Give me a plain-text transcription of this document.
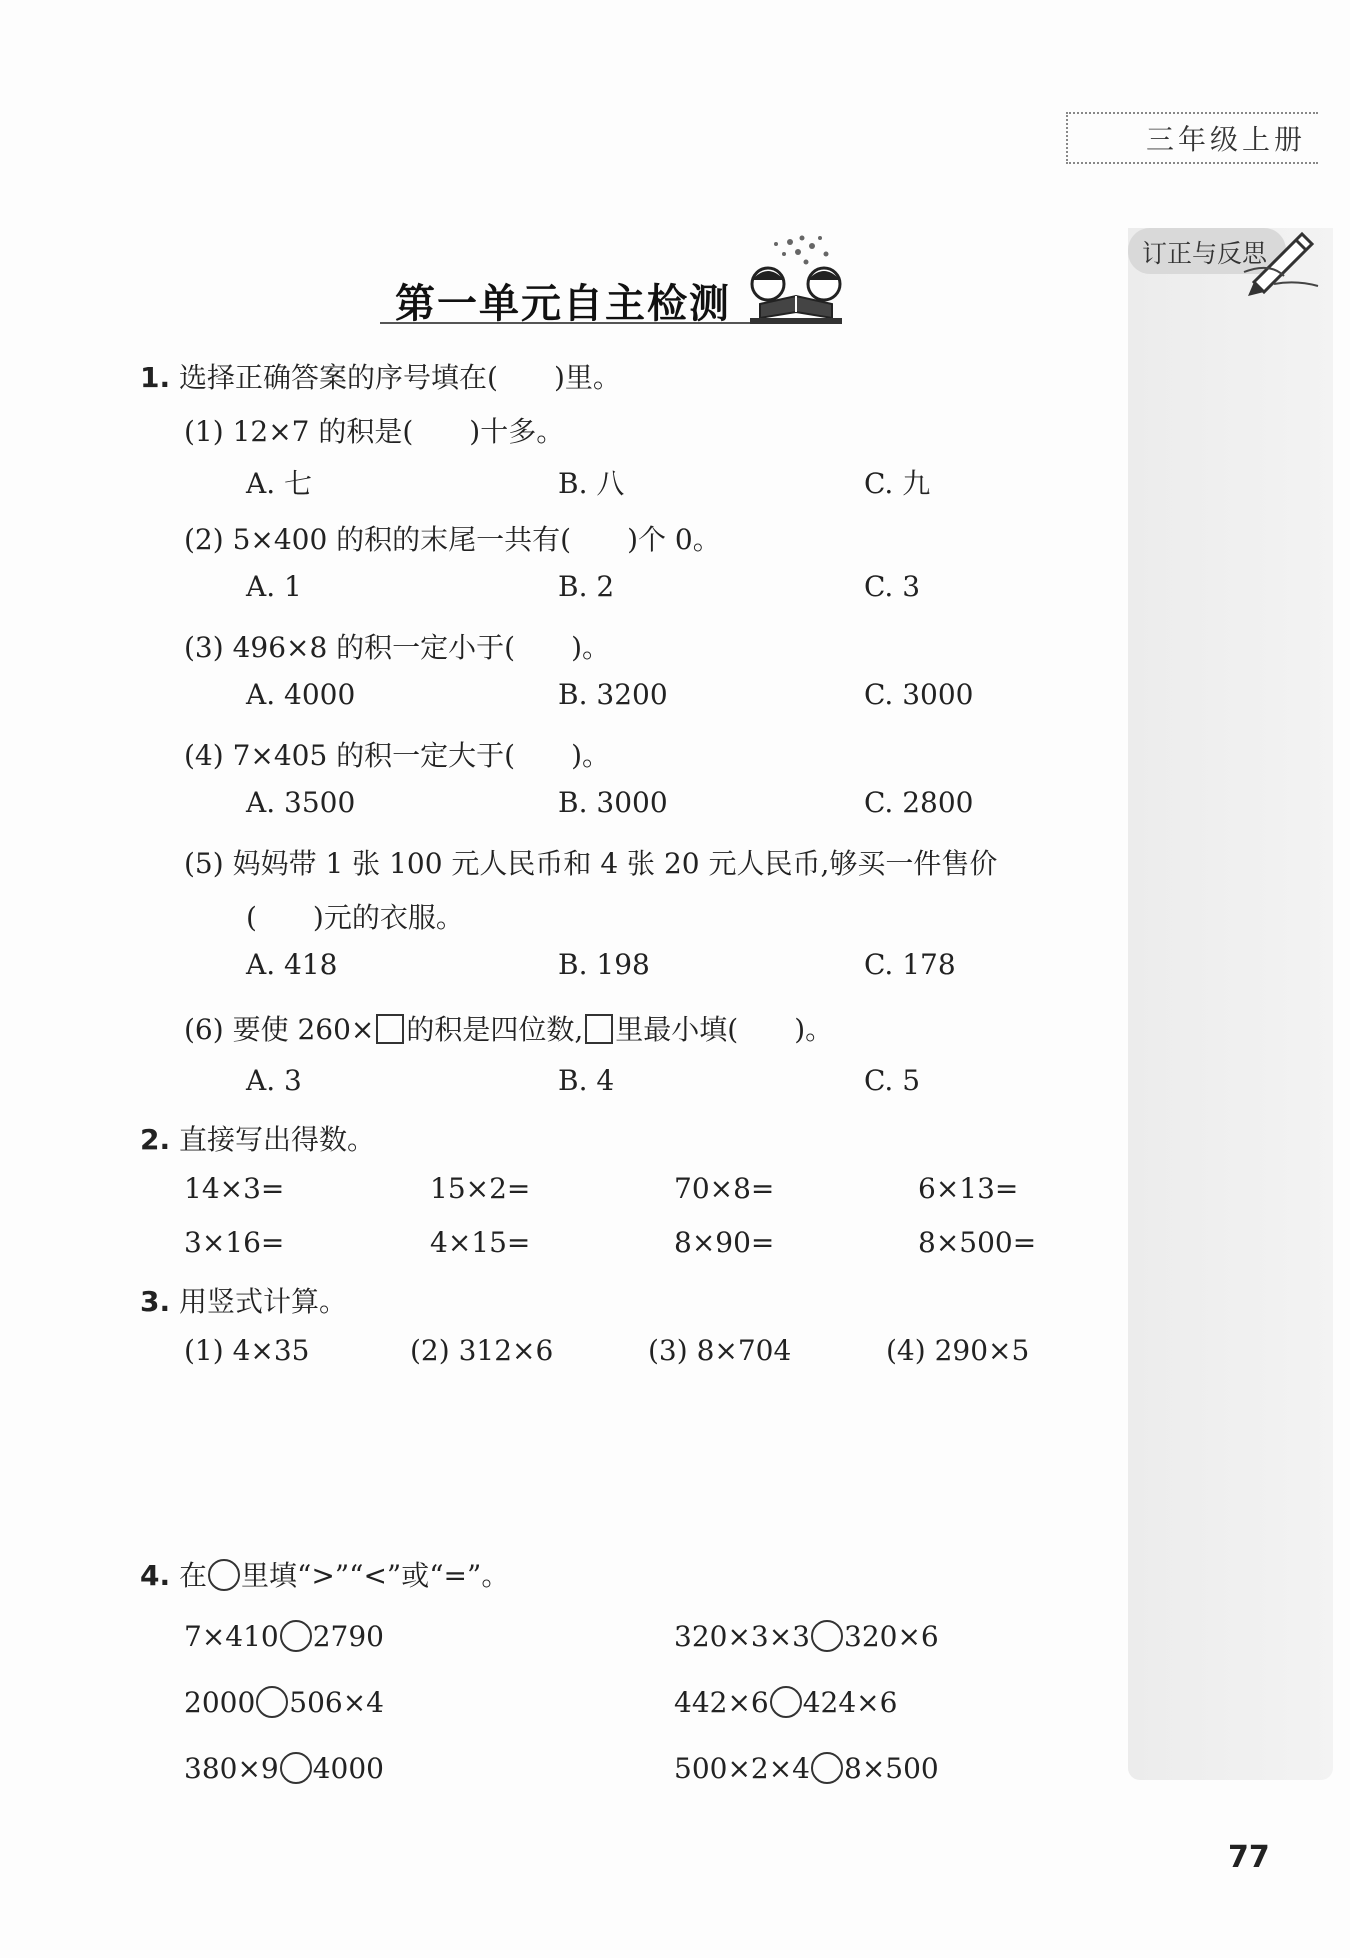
三年级上册
订正与反思
第一单元自主检测
1. 选择正确答案的序号填在(　　)里。
(1) 12×7 的积是(　　)十多。
A. 七	B. 八	C. 九
(2) 5×400 的积的末尾一共有(　　)个 0。
A. 1	B. 2	C. 3
(3) 496×8 的积一定小于(　　)。
A. 4000	B. 3200	C. 3000
(4) 7×405 的积一定大于(　　)。
A. 3500	B. 3000	C. 2800
(5) 妈妈带 1 张 100 元人民币和 4 张 20 元人民币,够买一件售价
(　　)元的衣服。
A. 418	B. 198	C. 178
(6) 要使 260× 的积是四位数, 里最小填(　　)。
A. 3	B. 4	C. 5
2. 直接写出得数。
14×3=	15×2=	70×8=	6×13=
3×16=	4×15=	8×90=	8×500=
3. 用竖式计算。
(1) 4×35	(2) 312×6	(3) 8×704	(4) 290×5
4. 在 里填“>”“<”或“=”。
7×410 2790	320×3×3 320×6
2000 506×4	442×6 424×6
380×9 4000	500×2×4 8×500
77
